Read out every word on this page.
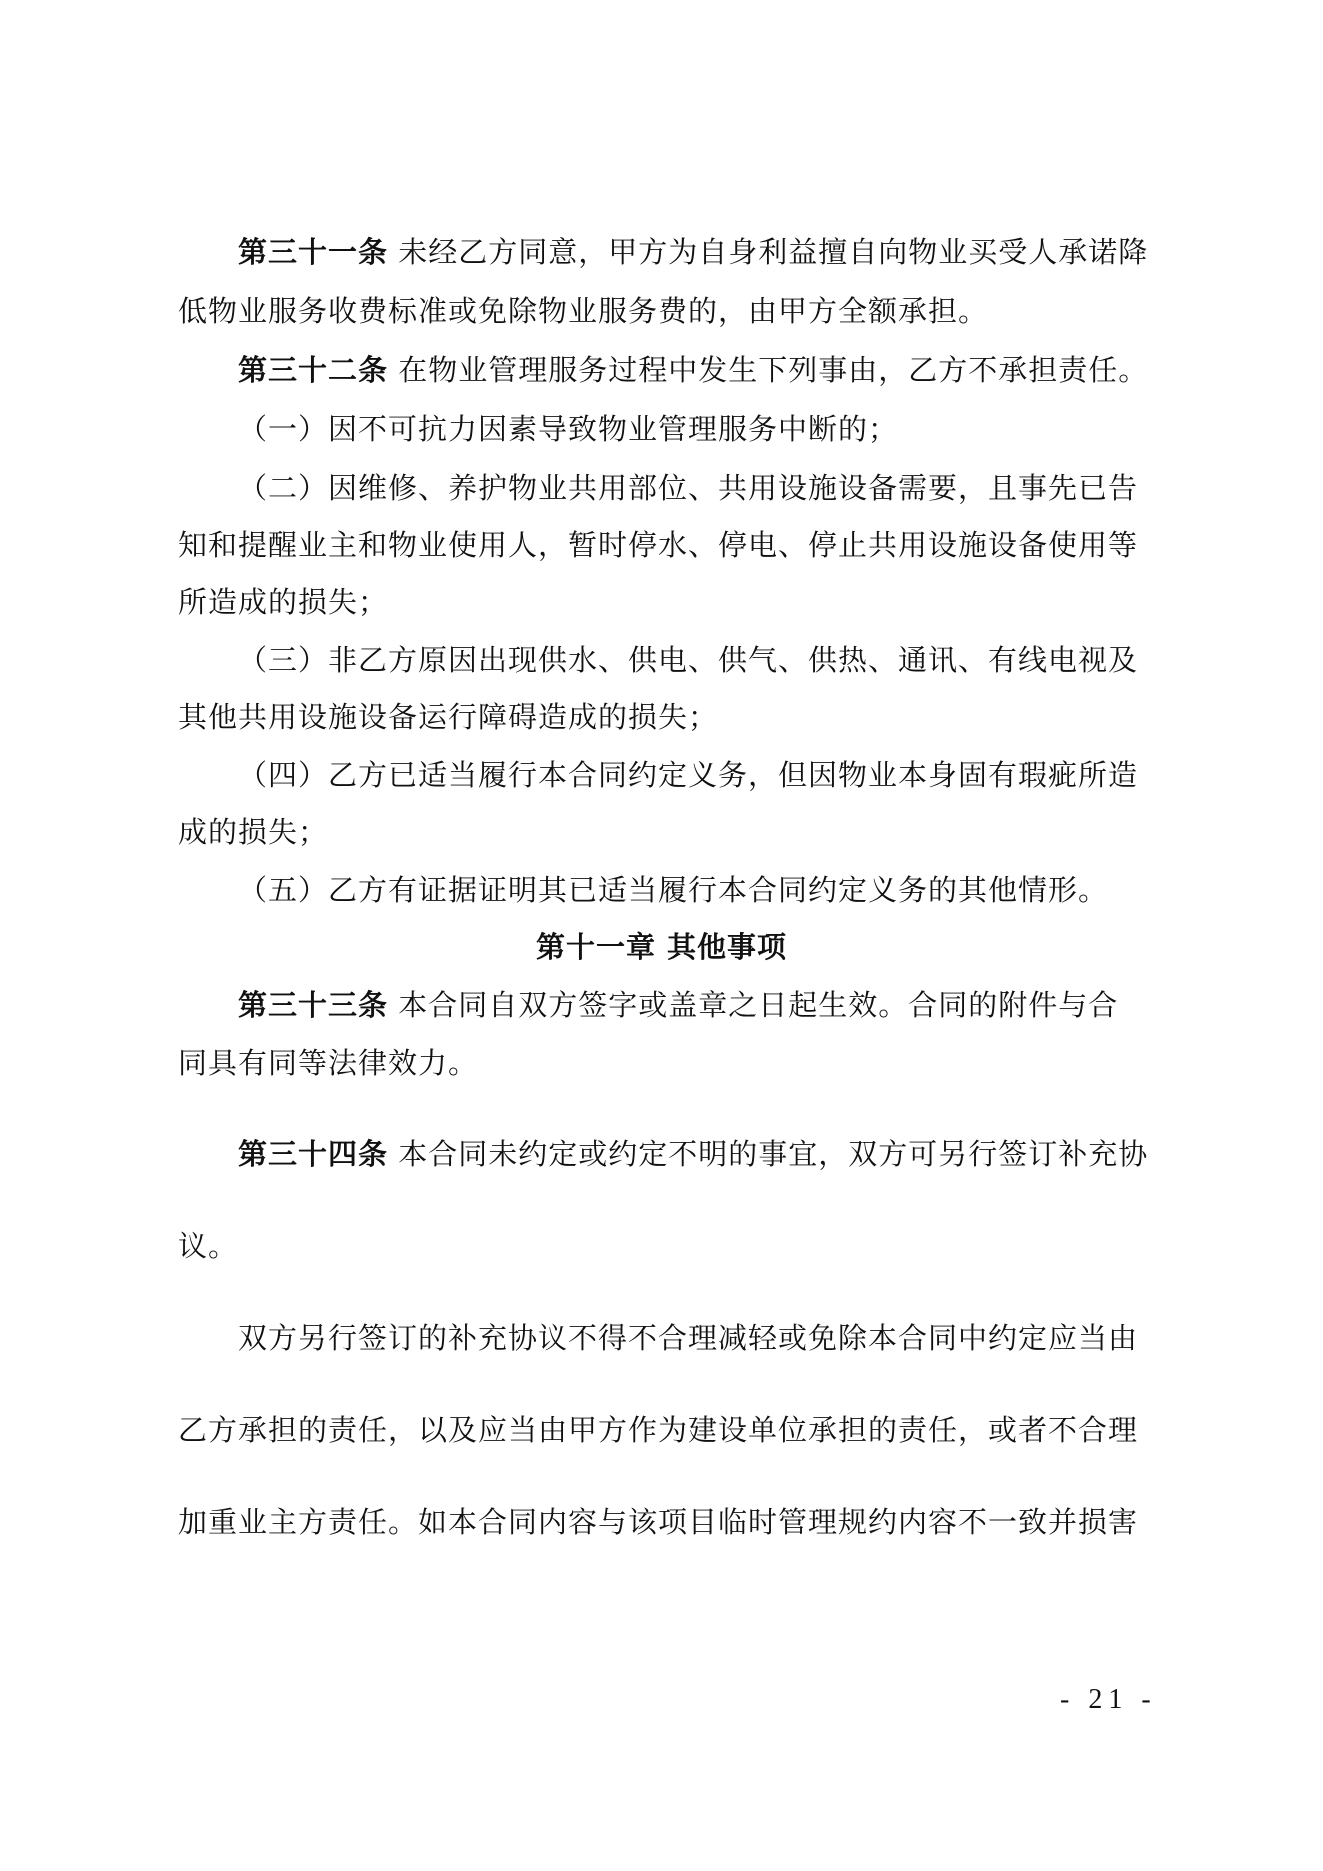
第三十一条 未经乙方同意，甲方为自身利益擅自向物业买受人承诺降
低物业服务收费标准或免除物业服务费的，由甲方全额承担。
第三十二条 在物业管理服务过程中发生下列事由，乙方不承担责任。
（一）因不可抗力因素导致物业管理服务中断的；
（二）因维修、养护物业共用部位、共用设施设备需要，且事先已告
知和提醒业主和物业使用人，暂时停水、停电、停止共用设施设备使用等
所造成的损失；
（三）非乙方原因出现供水、供电、供气、供热、通讯、有线电视及
其他共用设施设备运行障碍造成的损失；
（四）乙方已适当履行本合同约定义务，但因物业本身固有瑕疵所造
成的损失；
（五）乙方有证据证明其已适当履行本合同约定义务的其他情形。
第十一章 其他事项
第三十三条 本合同自双方签字或盖章之日起生效。合同的附件与合
同具有同等法律效力。
第三十四条 本合同未约定或约定不明的事宜，双方可另行签订补充协
议。
双方另行签订的补充协议不得不合理减轻或免除本合同中约定应当由
乙方承担的责任，以及应当由甲方作为建设单位承担的责任，或者不合理
加重业主方责任。如本合同内容与该项目临时管理规约内容不一致并损害
- 21 -
